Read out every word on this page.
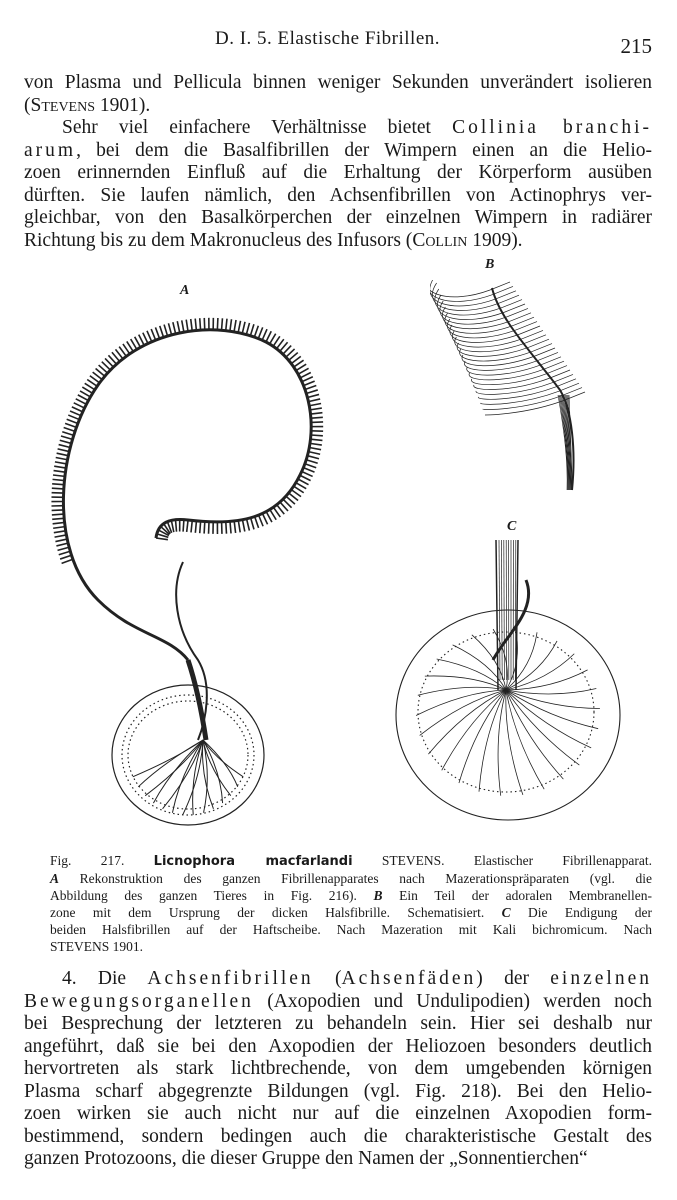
D. I. 5. Elastische Fibrillen.	215
von Plasma und Pellicula binnen weniger Sekunden unverändert isolieren
(Stevens 1901).
Sehr viel einfachere Verhältnisse bietet Collinia branchi-
arum, bei dem die Basalfibrillen der Wimpern einen an die Helio-
zoen erinnernden Einfluß auf die Erhaltung der Körperform ausüben
dürften. Sie laufen nämlich, den Achsenfibrillen von Actinophrys ver-
gleichbar, von den Basalkörperchen der einzelnen Wimpern in radiärer
Richtung bis zu dem Makronucleus des Infusors (Collin 1909).
A
B
C
Fig. 217. Licnophora macfarlandi STEVENS. Elastischer Fibrillenapparat.
A Rekonstruktion des ganzen Fibrillenapparates nach Mazerationspräparaten (vgl. die
Abbildung des ganzen Tieres in Fig. 216). B Ein Teil der adoralen Membranellen-
zone mit dem Ursprung der dicken Halsfibrille. Schematisiert. C Die Endigung der
beiden Halsfibrillen auf der Haftscheibe. Nach Mazeration mit Kali bichromicum. Nach
STEVENS 1901.
4. Die Achsenfibrillen (Achsenfäden) der einzelnen
Bewegungsorganellen (Axopodien und Undulipodien) werden noch
bei Besprechung der letzteren zu behandeln sein. Hier sei deshalb nur
angeführt, daß sie bei den Axopodien der Heliozoen besonders deutlich
hervortreten als stark lichtbrechende, von dem umgebenden körnigen
Plasma scharf abgegrenzte Bildungen (vgl. Fig. 218). Bei den Helio-
zoen wirken sie auch nicht nur auf die einzelnen Axopodien form-
bestimmend, sondern bedingen auch die charakteristische Gestalt des
ganzen Protozoons, die dieser Gruppe den Namen der „Sonnentierchen“
